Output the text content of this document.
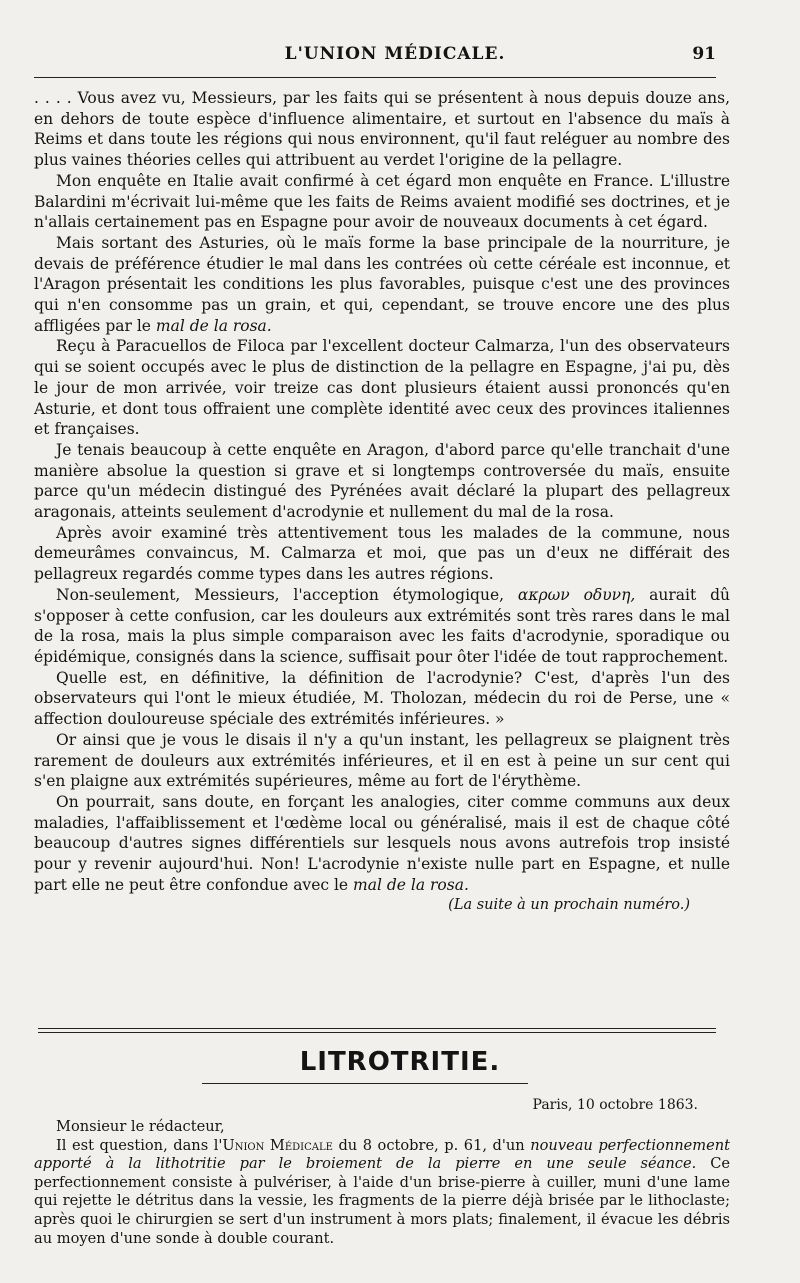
L'UNION MÉDICALE.	91

. . . . Vous avez vu, Messieurs, par les faits qui se présentent à nous depuis douze ans, en dehors de toute espèce d'influence alimentaire, et surtout en l'absence du maïs à Reims et dans toute les régions qui nous environnent, qu'il faut reléguer au nombre des plus vaines théories celles qui attribuent au verdet l'origine de la pellagre.

Mon enquête en Italie avait confirmé à cet égard mon enquête en France. L'illustre Balardini m'écrivait lui-même que les faits de Reims avaient modifié ses doctrines, et je n'allais certainement pas en Espagne pour avoir de nouveaux documents à cet égard.

Mais sortant des Asturies, où le maïs forme la base principale de la nourriture, je devais de préférence étudier le mal dans les contrées où cette céréale est inconnue, et l'Aragon présentait les conditions les plus favorables, puisque c'est une des provinces qui n'en consomme pas un grain, et qui, cependant, se trouve encore une des plus affligées par le mal de la rosa.

Reçu à Paracuellos de Filoca par l'excellent docteur Calmarza, l'un des observateurs qui se soient occupés avec le plus de distinction de la pellagre en Espagne, j'ai pu, dès le jour de mon arrivée, voir treize cas dont plusieurs étaient aussi prononcés qu'en Asturie, et dont tous offraient une complète identité avec ceux des provinces italiennes et françaises.

Je tenais beaucoup à cette enquête en Aragon, d'abord parce qu'elle tranchait d'une manière absolue la question si grave et si longtemps controversée du maïs, ensuite parce qu'un médecin distingué des Pyrénées avait déclaré la plupart des pellagreux aragonais, atteints seulement d'acrodynie et nullement du mal de la rosa.

Après avoir examiné très attentivement tous les malades de la commune, nous demeurâmes convaincus, M. Calmarza et moi, que pas un d'eux ne différait des pellagreux regardés comme types dans les autres régions.

Non-seulement, Messieurs, l'acception étymologique, ακρων οδυνη, aurait dû s'opposer à cette confusion, car les douleurs aux extrémités sont très rares dans le mal de la rosa, mais la plus simple comparaison avec les faits d'acrodynie, sporadique ou épidémique, consignés dans la science, suffisait pour ôter l'idée de tout rapprochement.

Quelle est, en définitive, la définition de l'acrodynie? C'est, d'après l'un des observateurs qui l'ont le mieux étudiée, M. Tholozan, médecin du roi de Perse, une « affection douloureuse spéciale des extrémités inférieures. »

Or ainsi que je vous le disais il n'y a qu'un instant, les pellagreux se plaignent très rarement de douleurs aux extrémités inférieures, et il en est à peine un sur cent qui s'en plaigne aux extrémités supérieures, même au fort de l'érythème.

On pourrait, sans doute, en forçant les analogies, citer comme communs aux deux maladies, l'affaiblissement et l'œdème local ou généralisé, mais il est de chaque côté beaucoup d'autres signes différentiels sur lesquels nous avons autrefois trop insisté pour y revenir aujourd'hui. Non! L'acrodynie n'existe nulle part en Espagne, et nulle part elle ne peut être confondue avec le mal de la rosa.

(La suite à un prochain numéro.)

LITROTRITIE.
Paris, 10 octobre 1863.

Monsieur le rédacteur,

Il est question, dans l'Union Médicale du 8 octobre, p. 61, d'un nouveau perfectionnement apporté à la lithotritie par le broiement de la pierre en une seule séance. Ce perfectionnement consiste à pulvériser, à l'aide d'un brise-pierre à cuiller, muni d'une lame qui rejette le détritus dans la vessie, les fragments de la pierre déjà brisée par le lithoclaste; après quoi le chirurgien se sert d'un instrument à mors plats; finalement, il évacue les débris au moyen d'une sonde à double courant.
